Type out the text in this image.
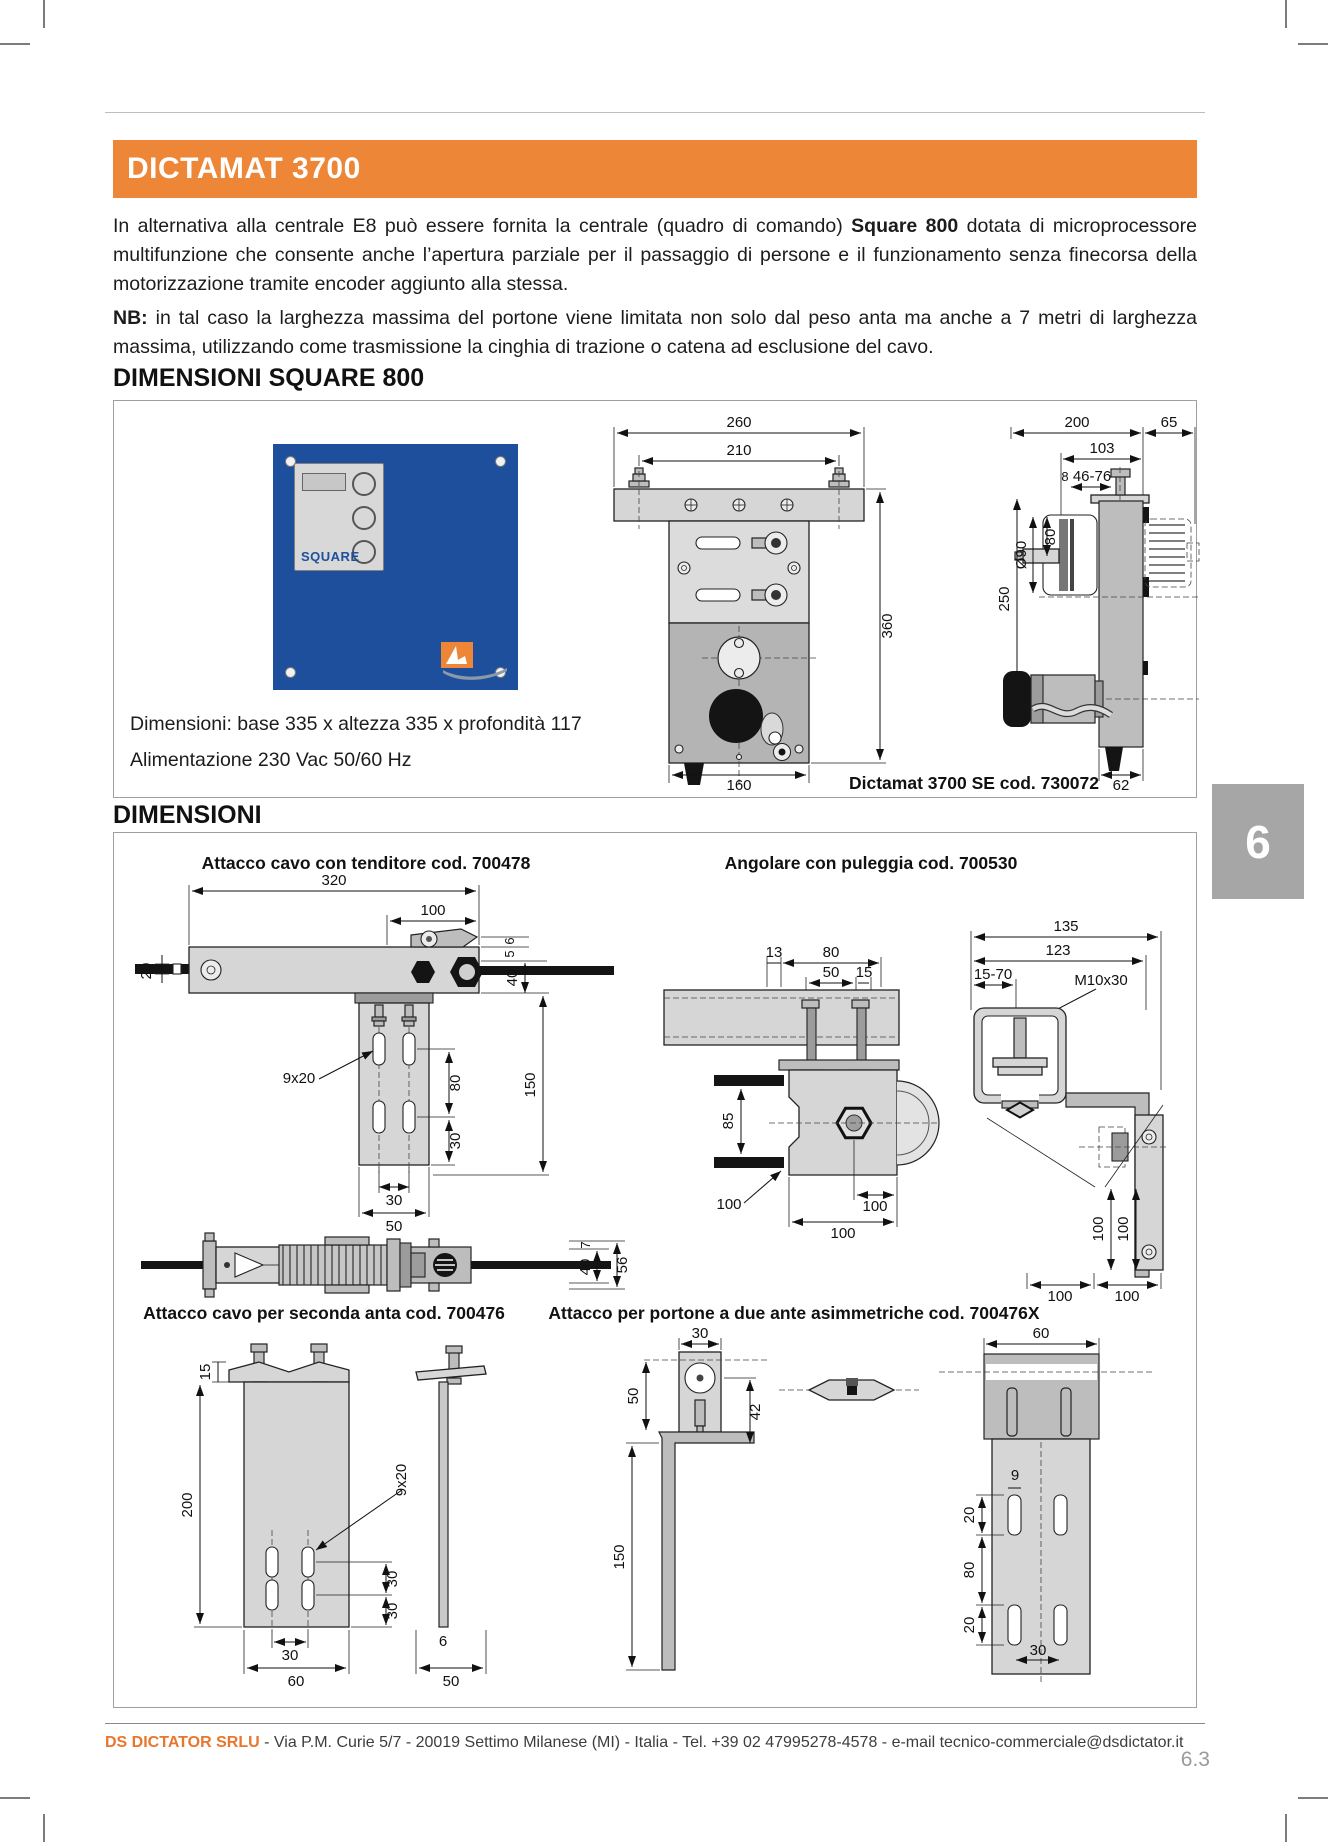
DICTAMAT 3700
In alternativa alla centrale E8 può essere fornita la centrale (quadro di comando) Square 800 dotata di microprocessore multifunzione che consente anche l’apertura parziale per il passaggio di persone e il funzionamento senza finecorsa della motorizzazione tramite encoder aggiunto alla stessa.
NB: in tal caso la larghezza massima del portone viene limitata non solo dal peso anta ma anche a 7 metri di larghezza massima, utilizzando come trasmissione la cinghia di trazione o catena ad esclusione del cavo.
DIMENSIONI SQUARE 800
SQUARE
Dimensioni: base 335 x altezza 335 x profondità 117
Alimentazione 230 Vac 50/60 Hz
260
210
360
160
200	65
103
8 46-76
250
Ø90
80
62
Dictamat 3700 SE cod. 730072
DIMENSIONI
Attacco cavo con tenditore cod. 700478	Angolare con puleggia cod. 700530
320
100
20
6
5
40
150
9x20	80
30
30
50
7
40 56
13	80
50 15
85
100	100
100
135
123
15-70	M10x30
100 100
100	100
Attacco cavo per seconda anta cod. 700476	Attacco per portone a due ante asimmetriche cod. 700476X
15
200
9x20
30
30
30
60
6
50
30
50
42
150
60
9
20
80
20
30
6
DS DICTATOR SRLU - Via P.M. Curie 5/7 - 20019 Settimo Milanese (MI) - Italia - Tel. +39 02 47995278-4578 - e-mail tecnico-commerciale@dsdictator.it
6.3
